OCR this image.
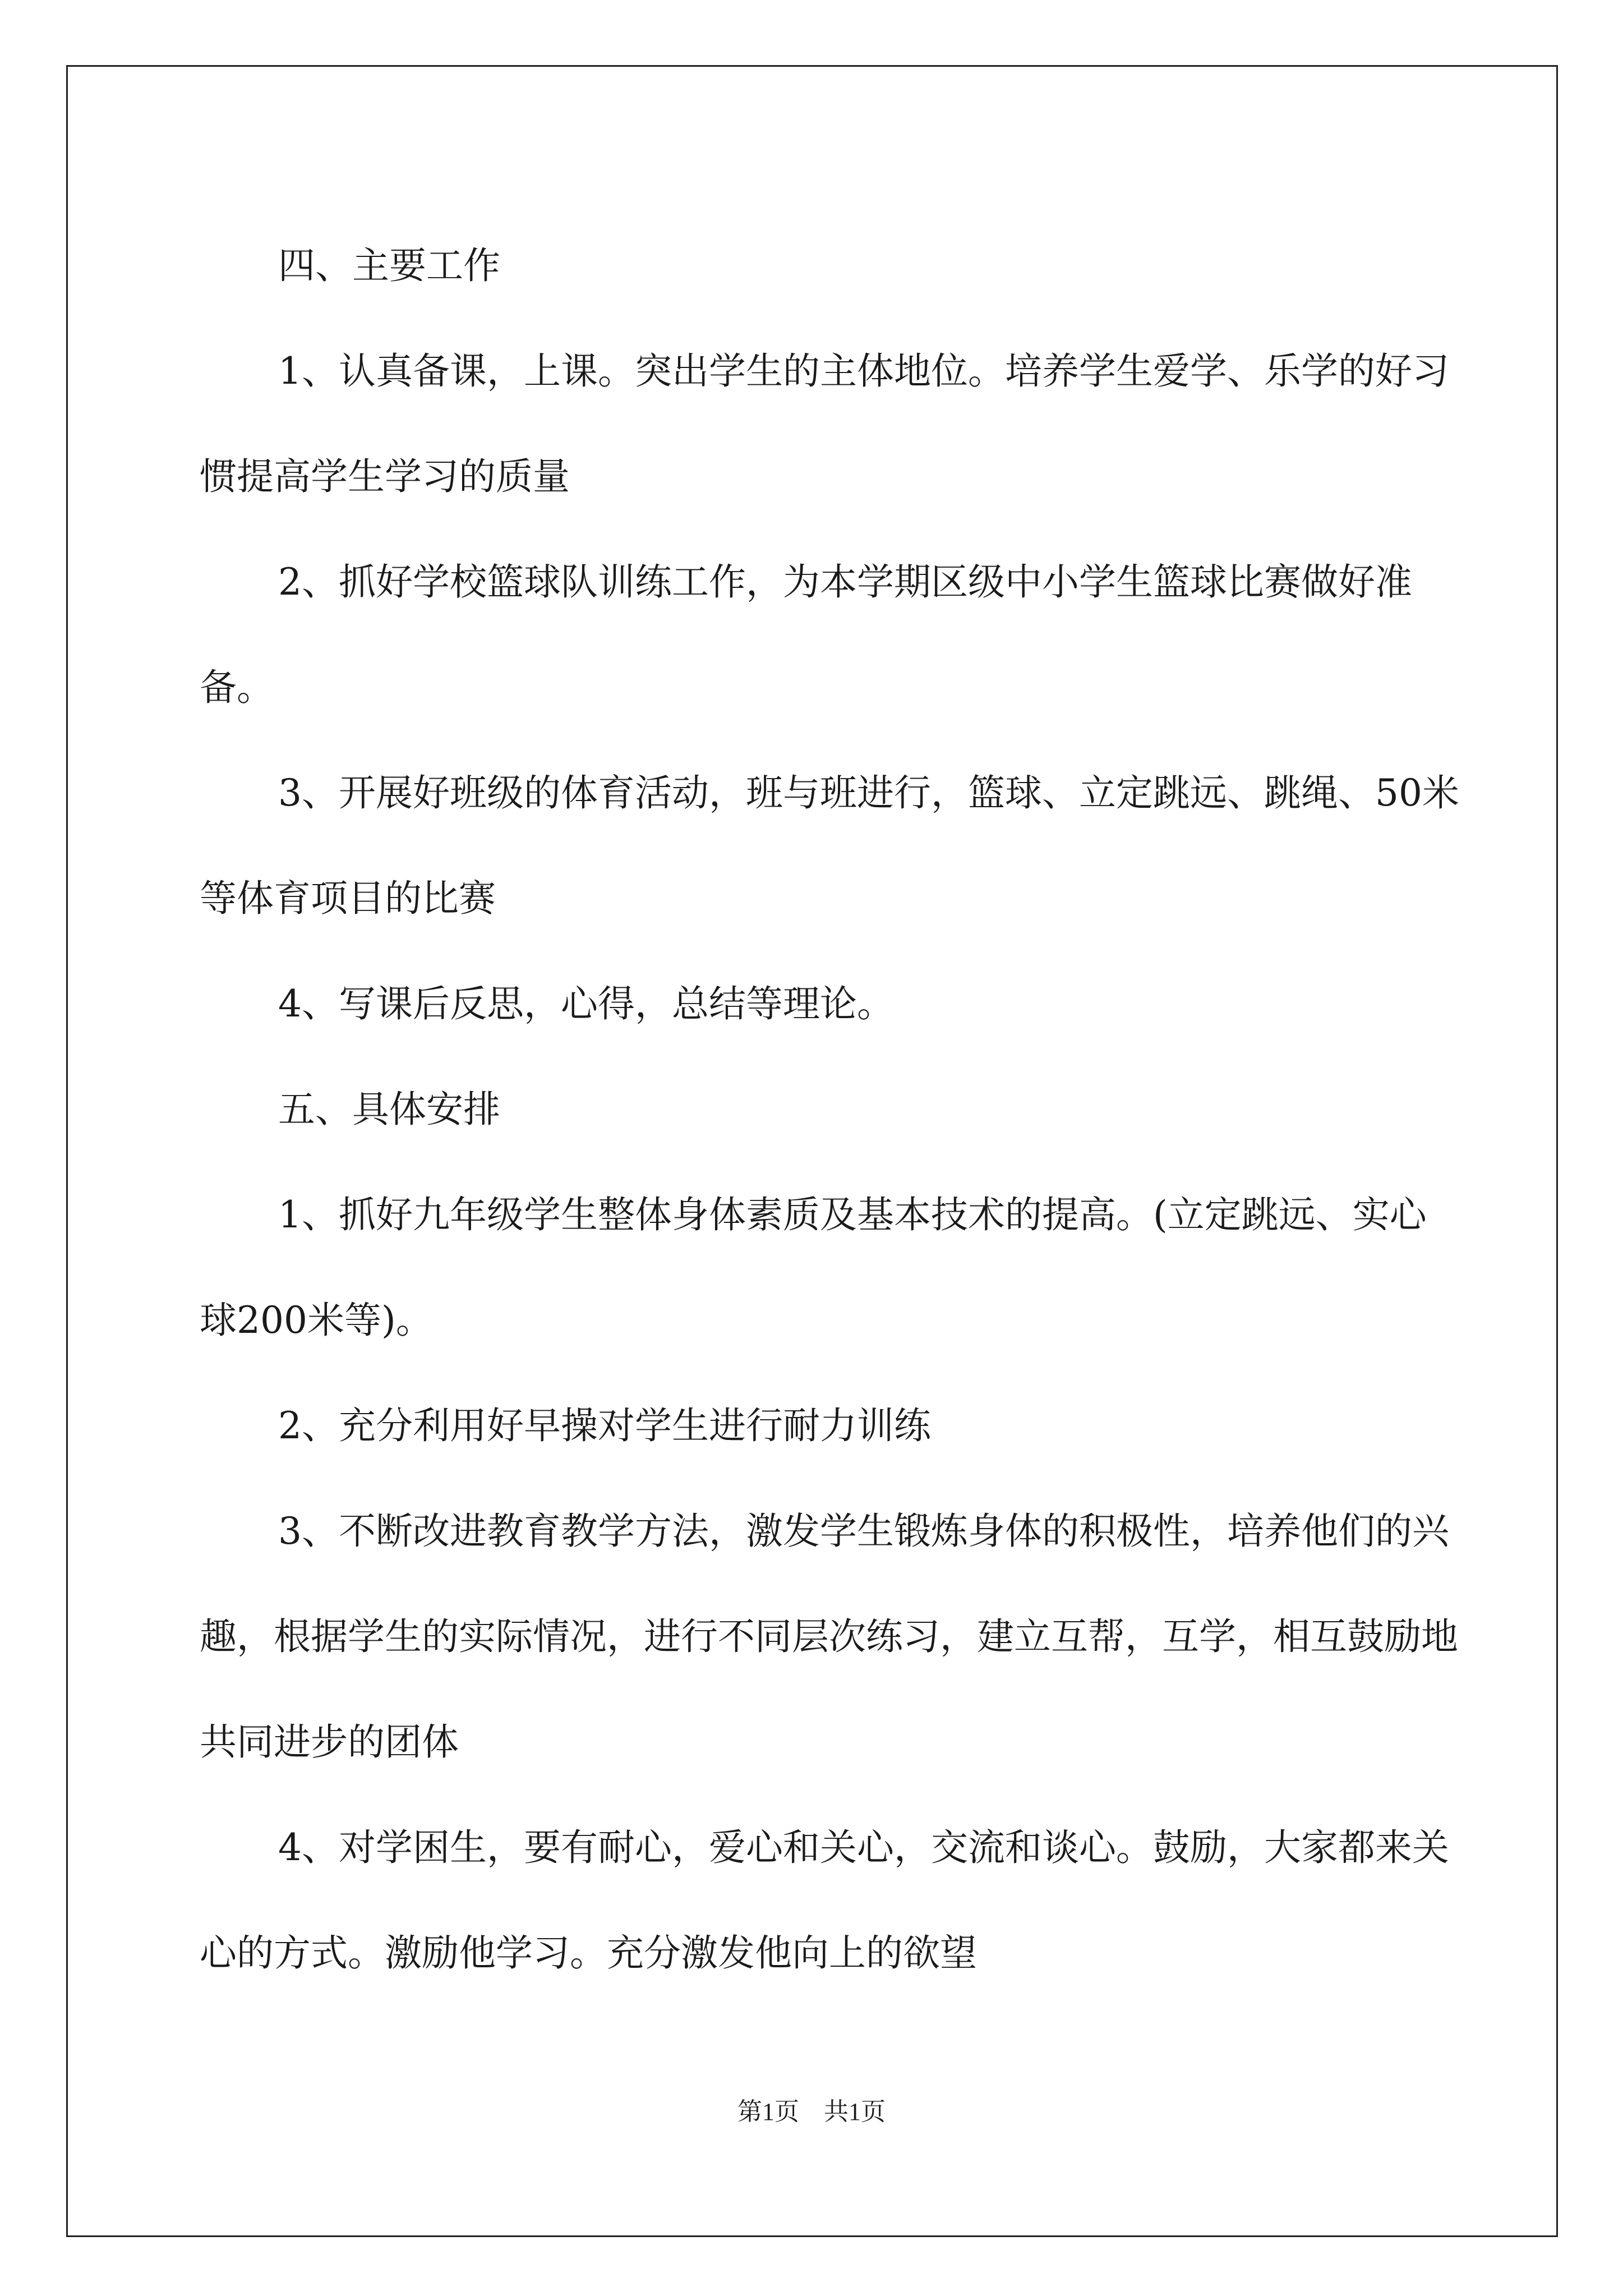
四、主要工作

1、认真备课，上课。突出学生的主体地位。培养学生爱学、乐学的好习惯提高学生学习的质量

2、抓好学校篮球队训练工作，为本学期区级中小学生篮球比赛做好准备。

3、开展好班级的体育活动，班与班进行，篮球、立定跳远、跳绳、50米等体育项目的比赛

4、写课后反思，心得，总结等理论。

五、具体安排

1、抓好九年级学生整体身体素质及基本技术的提高。(立定跳远、实心球200米等)。

2、充分利用好早操对学生进行耐力训练

3、不断改进教育教学方法，激发学生锻炼身体的积极性，培养他们的兴趣，根据学生的实际情况，进行不同层次练习，建立互帮，互学，相互鼓励地共同进步的团体

4、对学困生，要有耐心，爱心和关心，交流和谈心。鼓励，大家都来关心的方式。激励他学习。充分激发他向上的欲望

第1页　共1页
